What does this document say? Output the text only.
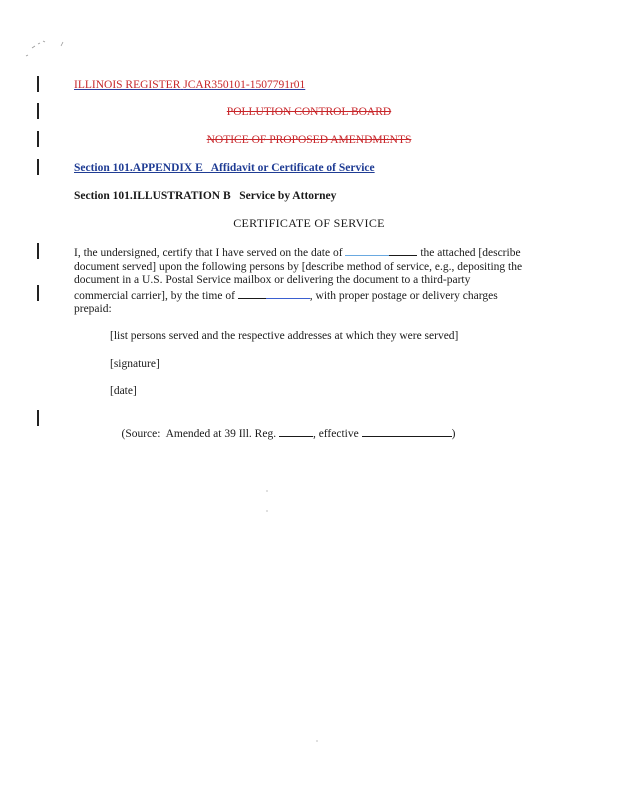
ILLINOIS REGISTER JCAR350101-1507791r01
POLLUTION CONTROL BOARD
NOTICE OF PROPOSED AMENDMENTS
Section 101.APPENDIX E   Affidavit or Certificate of Service
Section 101.ILLUSTRATION B   Service by Attorney
CERTIFICATE OF SERVICE
I, the undersigned, certify that I have served on the date of	the attached [describe
document served] upon the following persons by [describe method of service, e.g., depositing the
document in a U.S. Postal Service mailbox or delivering the document to a third-party
commercial carrier], by the time of	, with proper postage or delivery charges
prepaid:
[list persons served and the respective addresses at which they were served]
[signature]
[date]

(Source:  Amended at 39 Ill. Reg.	, effective	)
